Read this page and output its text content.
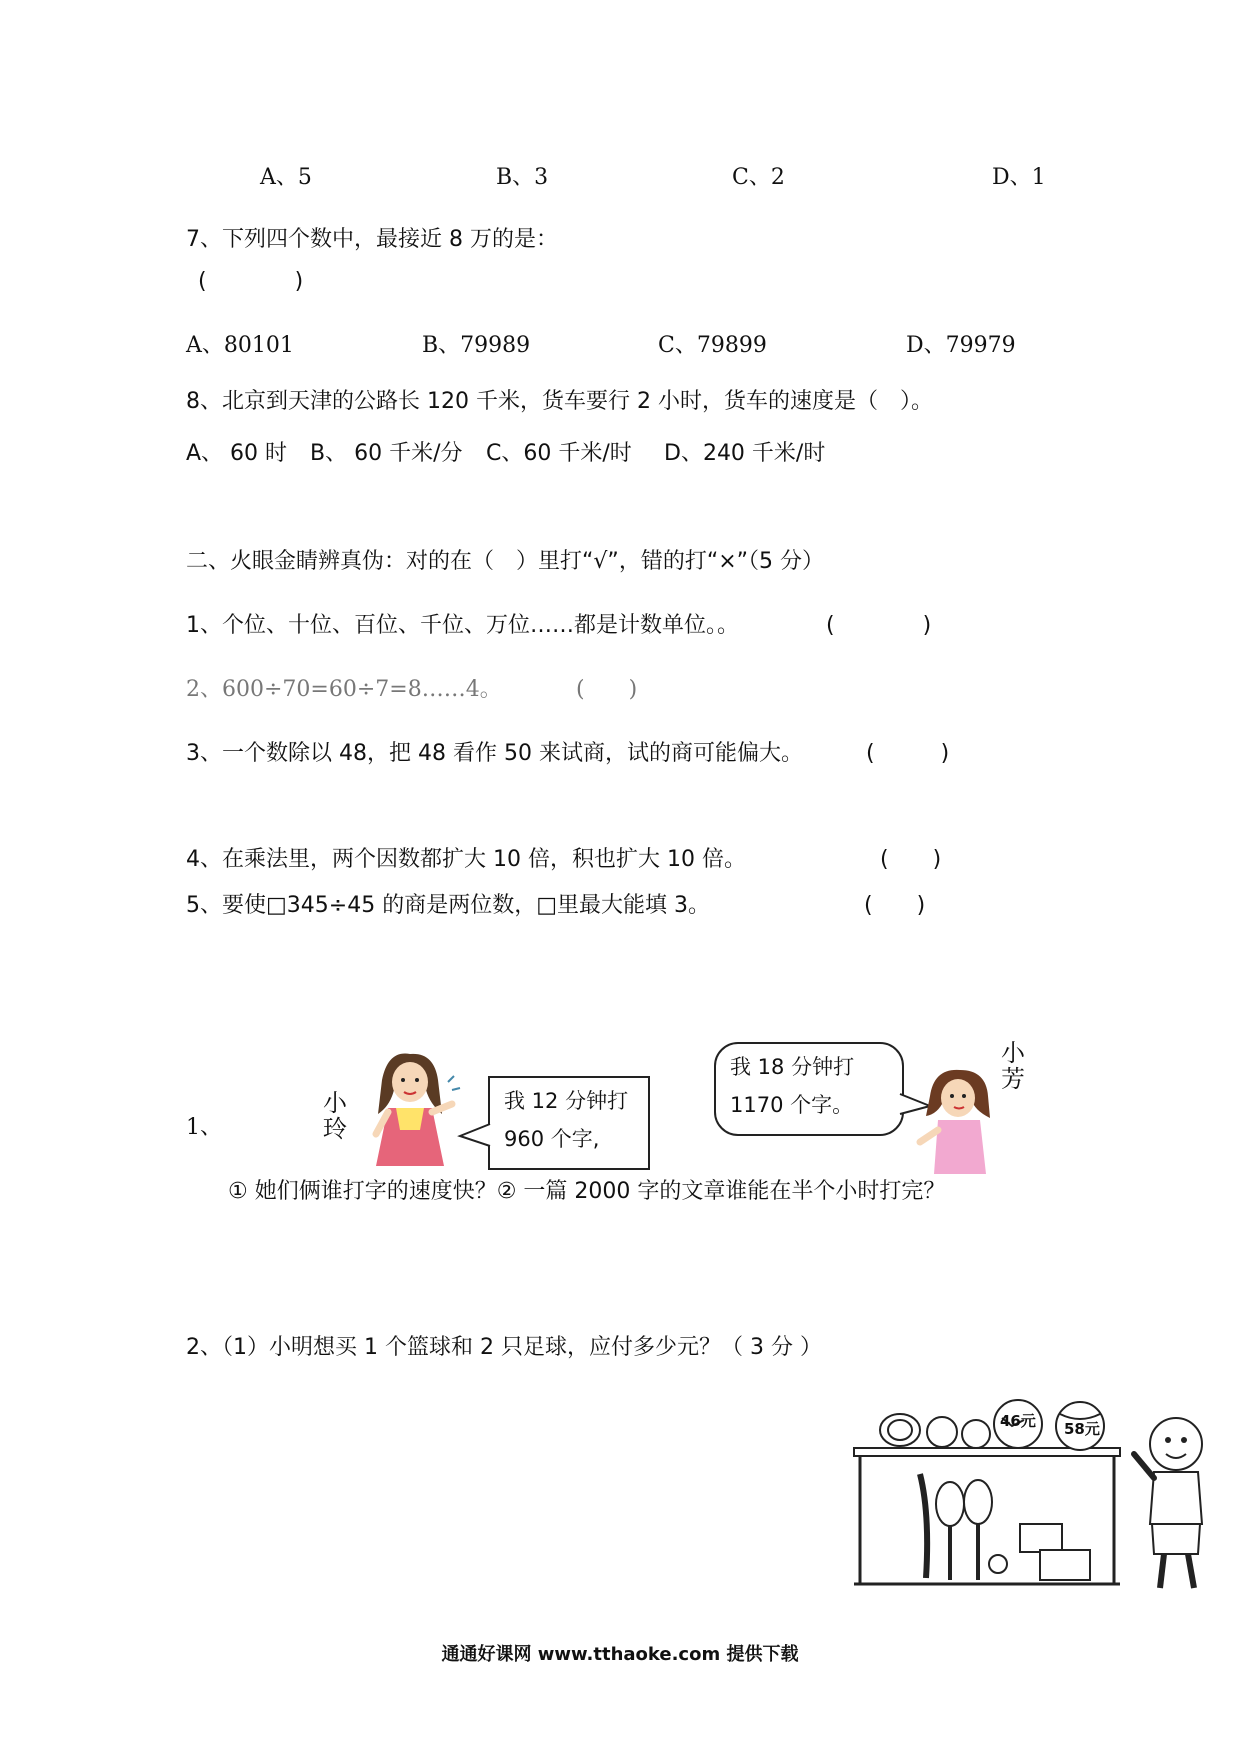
A、5	B、3	C、2	D、1
7、下列四个数中，最接近 8 万的是：
(　　　　)
A、80101	B、79989	C、79899	D、79979
8、北京到天津的公路长 120 千米，货车要行 2 小时，货车的速度是（　）。
A、 60 时 B、 60 千米/分 C、60 千米/时 D、240 千米/时
二、火眼金睛辨真伪：对的在（　）里打“√”，错的打“×”（5 分）
1、个位、十位、百位、千位、万位……都是计数单位。。	(　　　　)
2、600÷70=60÷7=8……4。	(　　)
3、一个数除以 48，把 48 看作 50 来试商，试的商可能偏大。	(　　　)
4、在乘法里，两个因数都扩大 10 倍，积也扩大 10 倍。	(　　)
5、要使□345÷45 的商是两位数，□里最大能填 3。	(　　)
1、
小玲
我 12 分钟打
960 个字,
我 18 分钟打
1170 个字。
小芳
① 她们俩谁打字的速度快？② 一篇 2000 字的文章谁能在半个小时打完？
2、（1）小明想买 1 个篮球和 2 只足球，应付多少元？（ 3 分 ）
46元 58元
通通好课网 www.tthaoke.com 提供下载
